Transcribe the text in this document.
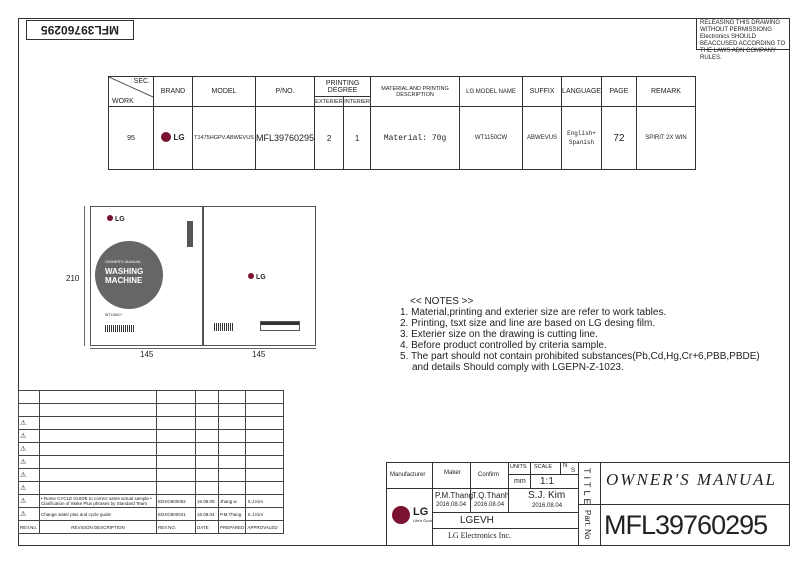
MFL39760295	RELEASING THIS DRAWING WITHOUT PERMISSIONG Electronics SHOULD BEACCUSED ACCORDING TO THE LAWS ADN COMPANY RULES.
SEC.
WORK	BRAND	MODEL	P/NO.	PRINTING DEGREE		MATERIAL AND PRINTING DESCRIPTION	LG MODEL NAME	SUFFIX	LANGUAGE	PAGE	REMARK
				EXTERIER	INTERIER						
95	LG	T1475HGPV.ABWEVUS	MFL39760295	2	1	Material: 70g	WT1150CW	ABWEVUS	English+
Spanish	72	SPIRIT 2X WIN
210
LG
OWNER'S MANUAL
WASHING
MACHINE
WT1150C*
LG
145	145
<< NOTES >>
1. Material,printing and exterier size are refer to work tables.
2. Printing, tsxt size and line are based on LG desing film.
3. Exterier size on the drawing is cutting line.
4. Before product controlled by criteria sample.
5. The part should not contain prohibited substances(Pb,Cd,Hg,Cr+6,PBB,PBDE)
and details Should comply with LGEPN-Z-1023.

⚠					
⚠					
⚠					
⚠					
⚠					
⚠					
⚠	• Rome CYCLE GUIDE to correct same actual sample • Clarification of Wake Plus phrases by Standard Team	EDXG800052	16.08.09	Jhang.w	S.J.Kim
⚠	Change water plus and cycle guide	EDXG800041	16.08.04	P.M.Thang	S.J.Kim
REV.No.	REVISION DESCRIPTION	REV.NO.	DATE	PREPARED	APPROVALED
Manufacturer	Maker	Confirm
UNITS SCALE N
S
mm 1:1
P.M.Thang
2016.08.04
T.Q.Thanh
2016.08.04
S.J. Kim
2016.08.04
LGEVH
LG Electronics Inc.
LG
Life's Good
TITLE OWNER'S MANUAL
Part. No MFL39760295
